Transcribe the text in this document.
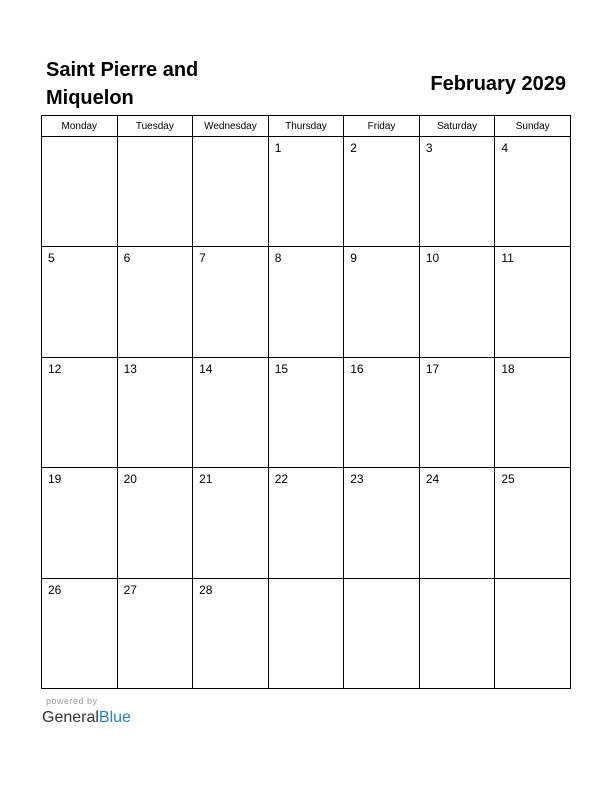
Saint Pierre and
Miquelon
February 2029
Monday	Tuesday	Wednesday	Thursday	Friday	Saturday	Sunday

			1	2	3	4

5	6	7	8	9	10	11

12	13	14	15	16	17	18

19	20	21	22	23	24	25

26	27	28				

powered by
GeneralBlue
